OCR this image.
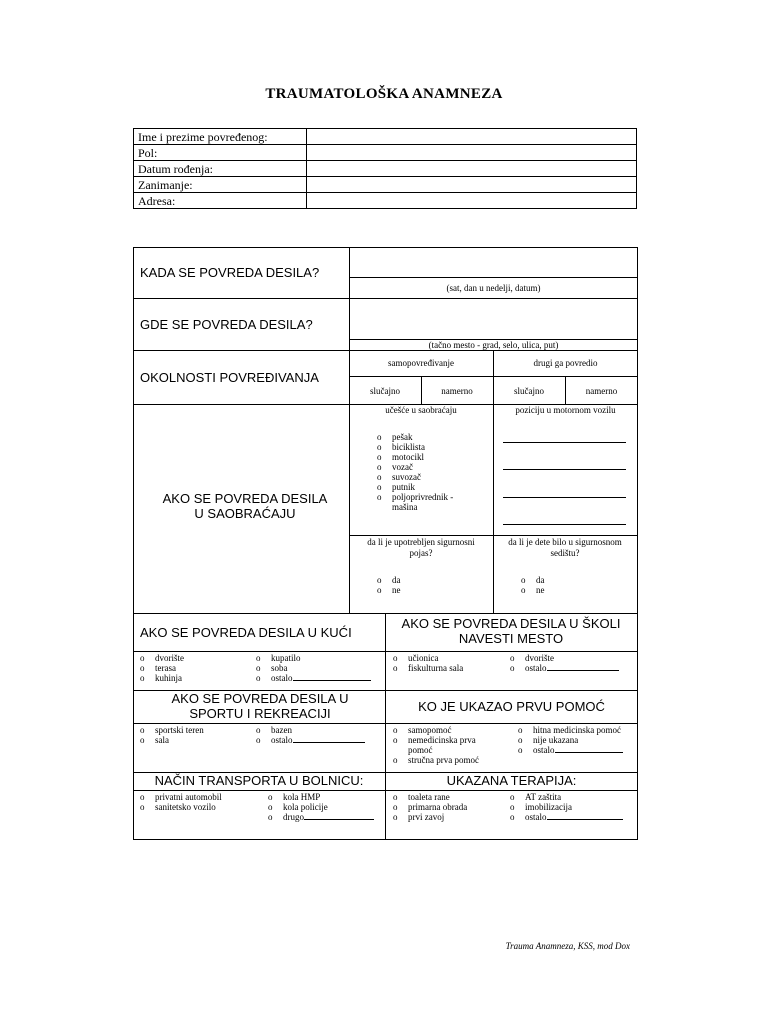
TRAUMATOLOŠKA ANAMNEZA
Ime i prezime povređenog:	
Pol:	
Datum rođenja:	
Zanimanje:	
Adresa:	
KADA SE POVREDA DESILA?
(sat, dan u nedelji, datum)
GDE SE POVREDA DESILA?
(tačno mesto - grad, selo, ulica, put)
OKOLNOSTI POVREĐIVANJA
samopovređivanje	drugi ga povredio
slučajno	namerno	slučajno	namerno
AKO SE POVREDA DESILA U SAOBRAĆAJU
učešće u saobraćaju
o pešak
o biciklista
o motocikl
o vozač
o suvozač
o putnik
o poljoprivrednik - mašina
poziciju u motornom vozilu
da li je upotrebljen sigurnosni pojas?
o da
o ne
da li je dete bilo u sigurnosnom sedištu?
o da
o ne
AKO SE POVREDA DESILA U KUĆI
o dvorište
o terasa
o kuhinja
o kupatilo
o soba
o ostalo
AKO SE POVREDA DESILA U ŠKOLI NAVESTI MESTO
o učionica
o fiskulturna sala
o dvorište
o ostalo
AKO SE POVREDA DESILA U SPORTU I REKREACIJI
o sportski teren
o sala
o bazen
o ostalo
KO JE UKAZAO PRVU POMOĆ
o samopomoć
o nemedicinska prva pomoć
o stručna prva pomoć
o hitna medicinska pomoć
o nije ukazana
o ostalo
NAČIN TRANSPORTA U BOLNICU:
o privatni automobil
o sanitetsko vozilo
o kola HMP
o kola policije
o drugo
UKAZANA TERAPIJA:
o toaleta rane
o primarna obrada
o prvi zavoj
o AT zaštita
o imobilizacija
o ostalo
Trauma Anamneza, KSS, mod Dox
